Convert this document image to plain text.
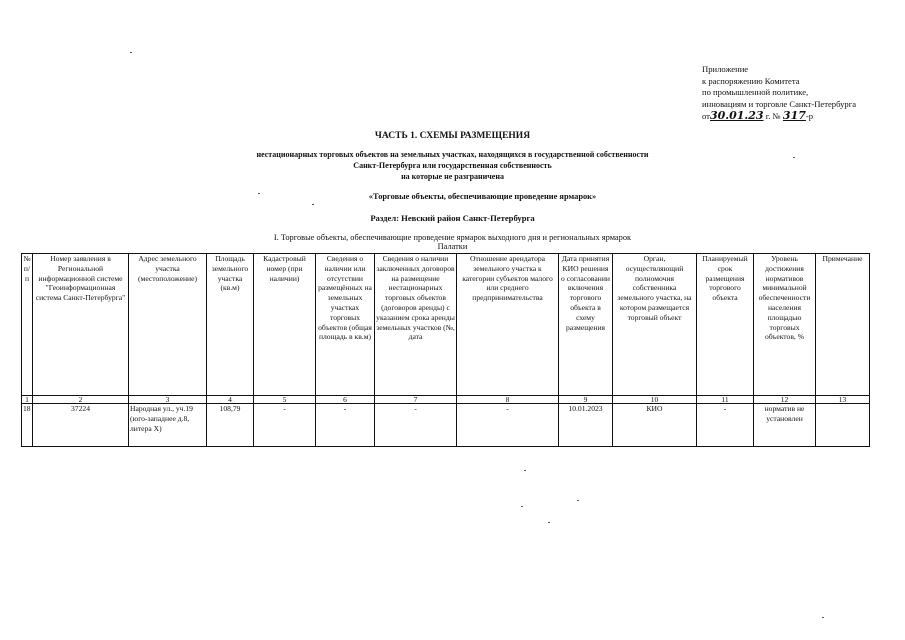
Приложение
к распоряжению Комитета
по промышленной политике,
инновациям и торговле Санкт-Петербурга
от30.01.23 г. № 317-р
ЧАСТЬ 1. СХЕМЫ РАЗМЕЩЕНИЯ
нестационарных торговых объектов на земельных участках, находящихся в государственной собственности
Санкт-Петербурга или государственная собственность
на которые не разграничена
«Торговые объекты, обеспечивающие проведение ярмарок»
Раздел: Невский район Санкт-Петербурга
I. Торговые объекты, обеспечивающие проведение ярмарок выходного дня и региональных ярмарок
Палатки
№ п/п	Номер заявления в Региональной информационной системе "Геоинформационная система Санкт-Петербурга"	Адрес земельного участка (местоположение)	Площадь земельного участка (кв.м)	Кадастровый номер (при наличии)	Сведения о наличии или отсутствии размещённых на земельных участках торговых объектов (общая площадь в кв.м)	Сведения о наличии заключенных договоров на размещение нестационарных торговых объектов (договоров аренды) с указанием срока аренды земельных участков (№, дата	Отношение арендатора земельного участка к категории субъектов малого или среднего предпринимательства	Дата принятия КИО решения о согласовании включения торгового объекта в схему размещения	Орган, осуществляющий полномочия собственника земельного участка, на котором размещается торговый объект	Планируемый срок размещения торгового объекта	Уровень достижения нормативов минимальной обеспеченности населения площадью торговых объектов, %	Примечание
1	2	3	4	5	6	7	8	9	10	11	12	13
18	37224	Народная ул., уч.19 (юго-западнее д.8, литера Х)	108,79	-	-	-	-	10.01.2023	КИО	-	норматив не установлен	
